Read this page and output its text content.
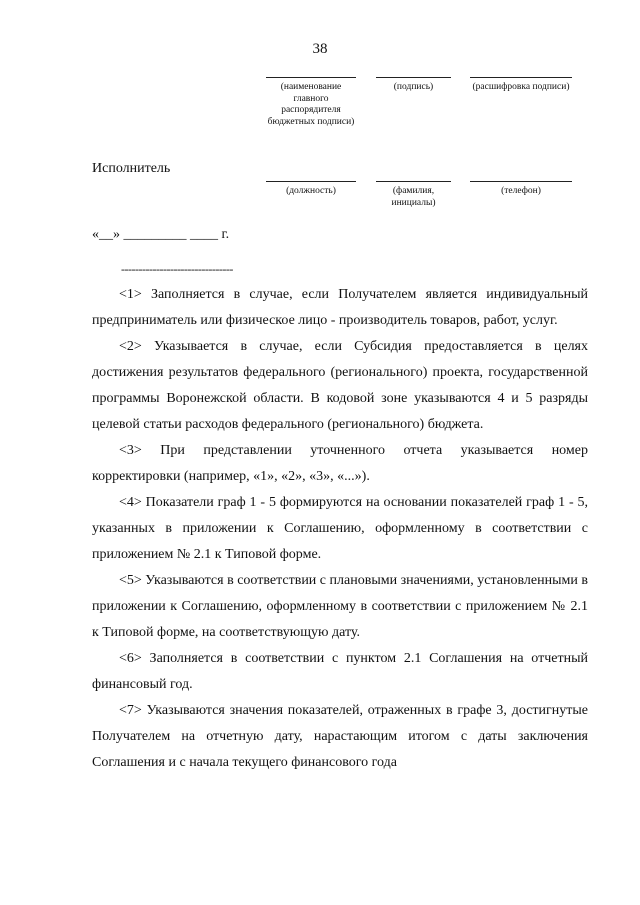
38
(наименование главного распорядителя бюджетных подписи)
(подпись)	(расшифровка подписи)
Исполнитель
(должность)	(фамилия, инициалы)
(телефон)
«__» _________ ____ г.
--------------------------------

<1> Заполняется в случае, если Получателем является индивидуальный предприниматель или физическое лицо - производитель товаров, работ, услуг.

<2> Указывается в случае, если Субсидия предоставляется в целях достижения результатов федерального (регионального) проекта, государственной программы Воронежской области. В кодовой зоне указываются 4 и 5 разряды целевой статьи расходов федерального (регионального) бюджета.

<3> При представлении уточненного отчета указывается номер корректировки (например, «1», «2», «3», «...»).

<4> Показатели граф 1 - 5 формируются на основании показателей граф 1 - 5, указанных в приложении к Соглашению, оформленному в соответствии с приложением № 2.1 к Типовой форме.

<5> Указываются в соответствии с плановыми значениями, установленными в приложении к Соглашению, оформленному в соответствии с приложением № 2.1 к Типовой форме, на соответствующую дату.

<6> Заполняется в соответствии с пунктом 2.1 Соглашения на отчетный финансовый год.

<7> Указываются значения показателей, отраженных в графе 3, достигнутые Получателем на отчетную дату, нарастающим итогом с даты заключения Соглашения и с начала текущего финансового года
